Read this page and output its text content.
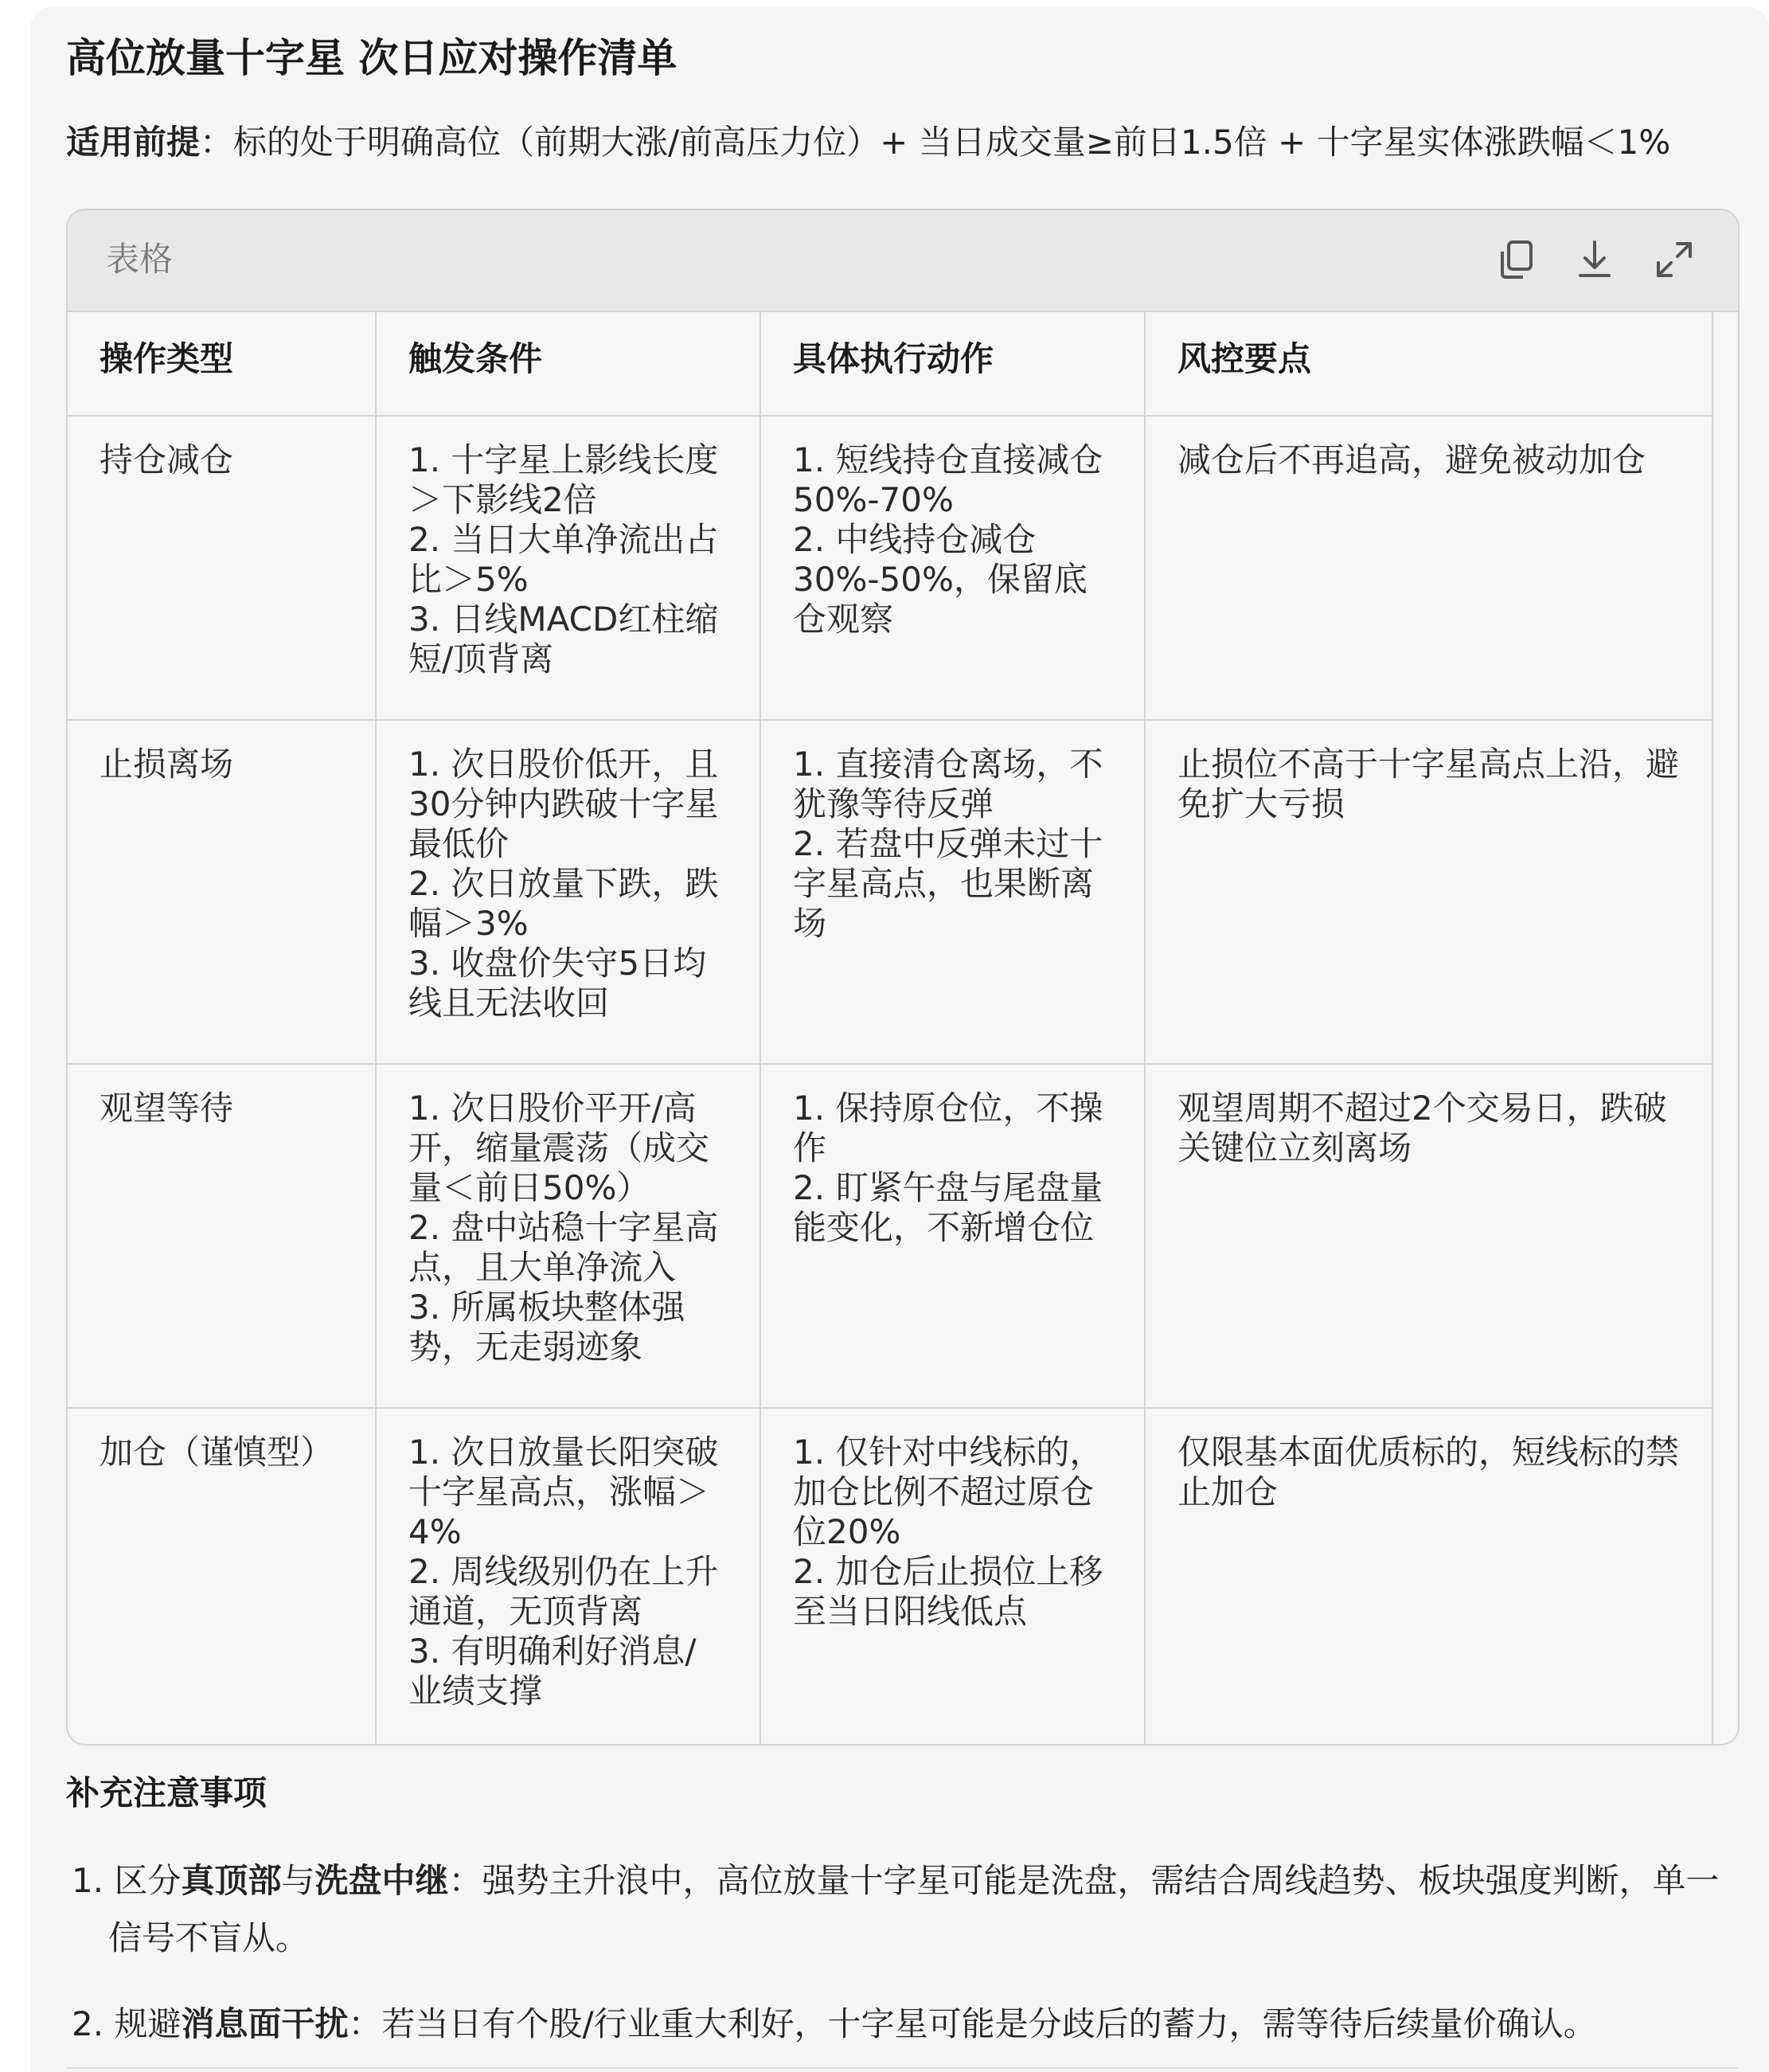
高位放量十字星 次日应对操作清单

适用前提：标的处于明确高位（前期大涨/前高压力位）+ 当日成交量≥前日1.5倍 + 十字星实体涨跌幅＜1%

表格
操作类型	触发条件	具体执行动作	风控要点
持仓减仓	1. 十字星上影线长度＞下影线2倍
2. 当日大单净流出占比＞5%
3. 日线MACD红柱缩短/顶背离	1. 短线持仓直接减仓50%-70%
2. 中线持仓减仓30%-50%，保留底仓观察	减仓后不再追高，避免被动加仓
止损离场	1. 次日股价低开，且30分钟内跌破十字星最低价
2. 次日放量下跌，跌幅＞3%
3. 收盘价失守5日均线且无法收回	1. 直接清仓离场，不犹豫等待反弹
2. 若盘中反弹未过十字星高点，也果断离场	止损位不高于十字星高点上沿，避免扩大亏损
观望等待	1. 次日股价平开/高开，缩量震荡（成交量＜前日50%）
2. 盘中站稳十字星高点，且大单净流入
3. 所属板块整体强势，无走弱迹象	1. 保持原仓位，不操作
2. 盯紧午盘与尾盘量能变化，不新增仓位	观望周期不超过2个交易日，跌破关键位立刻离场
加仓（谨慎型）	1. 次日放量长阳突破十字星高点，涨幅＞4%
2. 周线级别仍在上升通道，无顶背离
3. 有明确利好消息/业绩支撑	1. 仅针对中线标的，加仓比例不超过原仓位20%
2. 加仓后止损位上移至当日阳线低点	仅限基本面优质标的，短线标的禁止加仓
补充注意事项

1. 区分真顶部与洗盘中继：强势主升浪中，高位放量十字星可能是洗盘，需结合周线趋势、板块强度判断，单一信号不盲从。

2. 规避消息面干扰：若当日有个股/行业重大利好，十字星可能是分歧后的蓄力，需等待后续量价确认。
